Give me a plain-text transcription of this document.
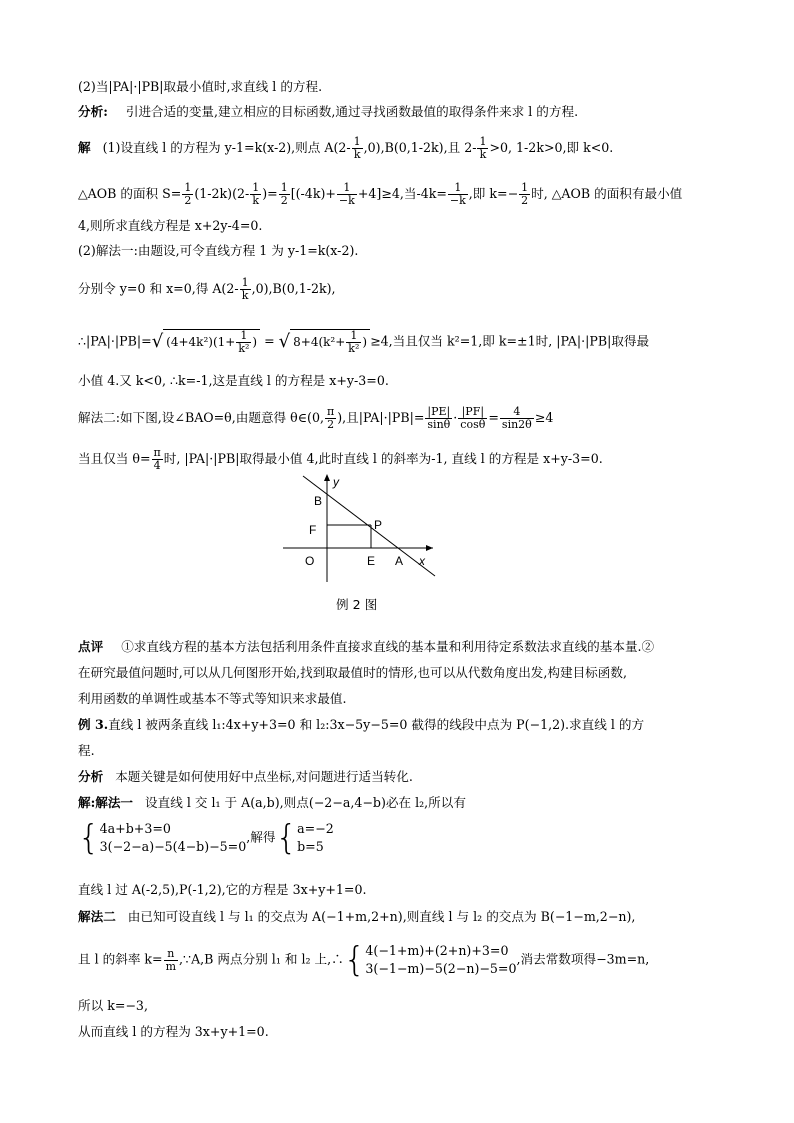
(2)当|PA|·|PB|取最小值时,求直线 l 的方程.
分析: 引进合适的变量,建立相应的目标函数,通过寻找函数最值的取得条件来求 l 的方程.
解 (1)设直线 l 的方程为 y-1=k(x-2),则点 $A(2- \frac{1}{k} ,0),B(0,1-2k)$,且 $2- \frac{1}{k} >0$, 1-2k>0,即 k<0.
△AOB 的面积 $S= \frac{1}{2} (1-2k)(2- \frac{1}{k}$ )= $\frac{1}{2} [(-4k)+ \frac{1}{-k} +4]\ge 4$,当$-4k= \frac{1}{-k}$ ,即 $k=- \frac{1}{2}$ 时, △AOB 的面积有最小值
4,则所求直线方程是 x+2y-4=0.
(2)解法一:由题设,可令直线方程 1 为 y-1=k(x-2).
分别令 y=0 和 x=0,得 $A(2- \frac{1}{k} ,0),B(0,1-2k)$,
∴|PA|·|PB|=√ $(4+4k^2)(1+ \frac{1}{\text{k²}}$ ) = √ $8+4(k^2+ \frac{1}{\text{k²}}$ ) ≥4,当且仅当 k²=1,即 k=±1时, |PA|·|PB|取得最
小值 4.又 k<0, ∴k=-1,这是直线 l 的方程是 x+y-3=0.
解法二:如下图,设∠BAO=θ,由题意得 θ∈(0, $\frac{\pi}{2}$ ),且$|PA|\cdot|PB|= \frac{|PE|}{\sin\theta} \cdot \frac{|PF|}{\cos\theta} = \frac{4}{\sin 2\theta} \ge 4$
当且仅当 $\theta= \frac{\pi}{4}$ 时, |PA|·|PB|取得最小值 4,此时直线 l 的斜率为-1, 直线 l 的方程是 x+y-3=0.
B
F	P
O	E A x
y
例 2 图
点评 ①求直线方程的基本方法包括利用条件直接求直线的基本量和利用待定系数法求直线的基本量.②
在研究最值问题时,可以从几何图形开始,找到取最值时的情形,也可以从代数角度出发,构建目标函数,
利用函数的单调性或基本不等式等知识来求最值.
例 3.直线 l 被两条直线 l₁:4x+y+3=0 和 l₂:3x−5y−5=0 截得的线段中点为 P(−1,2).求直线 l 的方
程.
分析 本题关键是如何使用好中点坐标,对问题进行适当转化.
解:解法一 设直线 l 交 l₁ 于 A(a,b),则点(−2−a,4−b)必在 l₂,所以有
{ 4a+b+3=0
3(−2−a)−5(4−b)−5=0
,解得{ a=−2
b=5
直线 l 过 A(-2,5),P(-1,2),它的方程是 3x+y+1=0.
解法二 由已知可设直线 l 与 l₁ 的交点为 A(−1+m,2+n),则直线 l 与 l₂ 的交点为 B(−1−m,2−n),
且 l 的斜率 $k= \frac{n}{m}$ ,∵A,B 两点分别 l₁ 和 l₂ 上,∴{ 4(−1+m)+(2+n)+3=0
3(−1−m)−5(2−n)−5=0
,消去常数项得−3m=n,
所以 k=−3,
从而直线 l 的方程为 3x+y+1=0.
